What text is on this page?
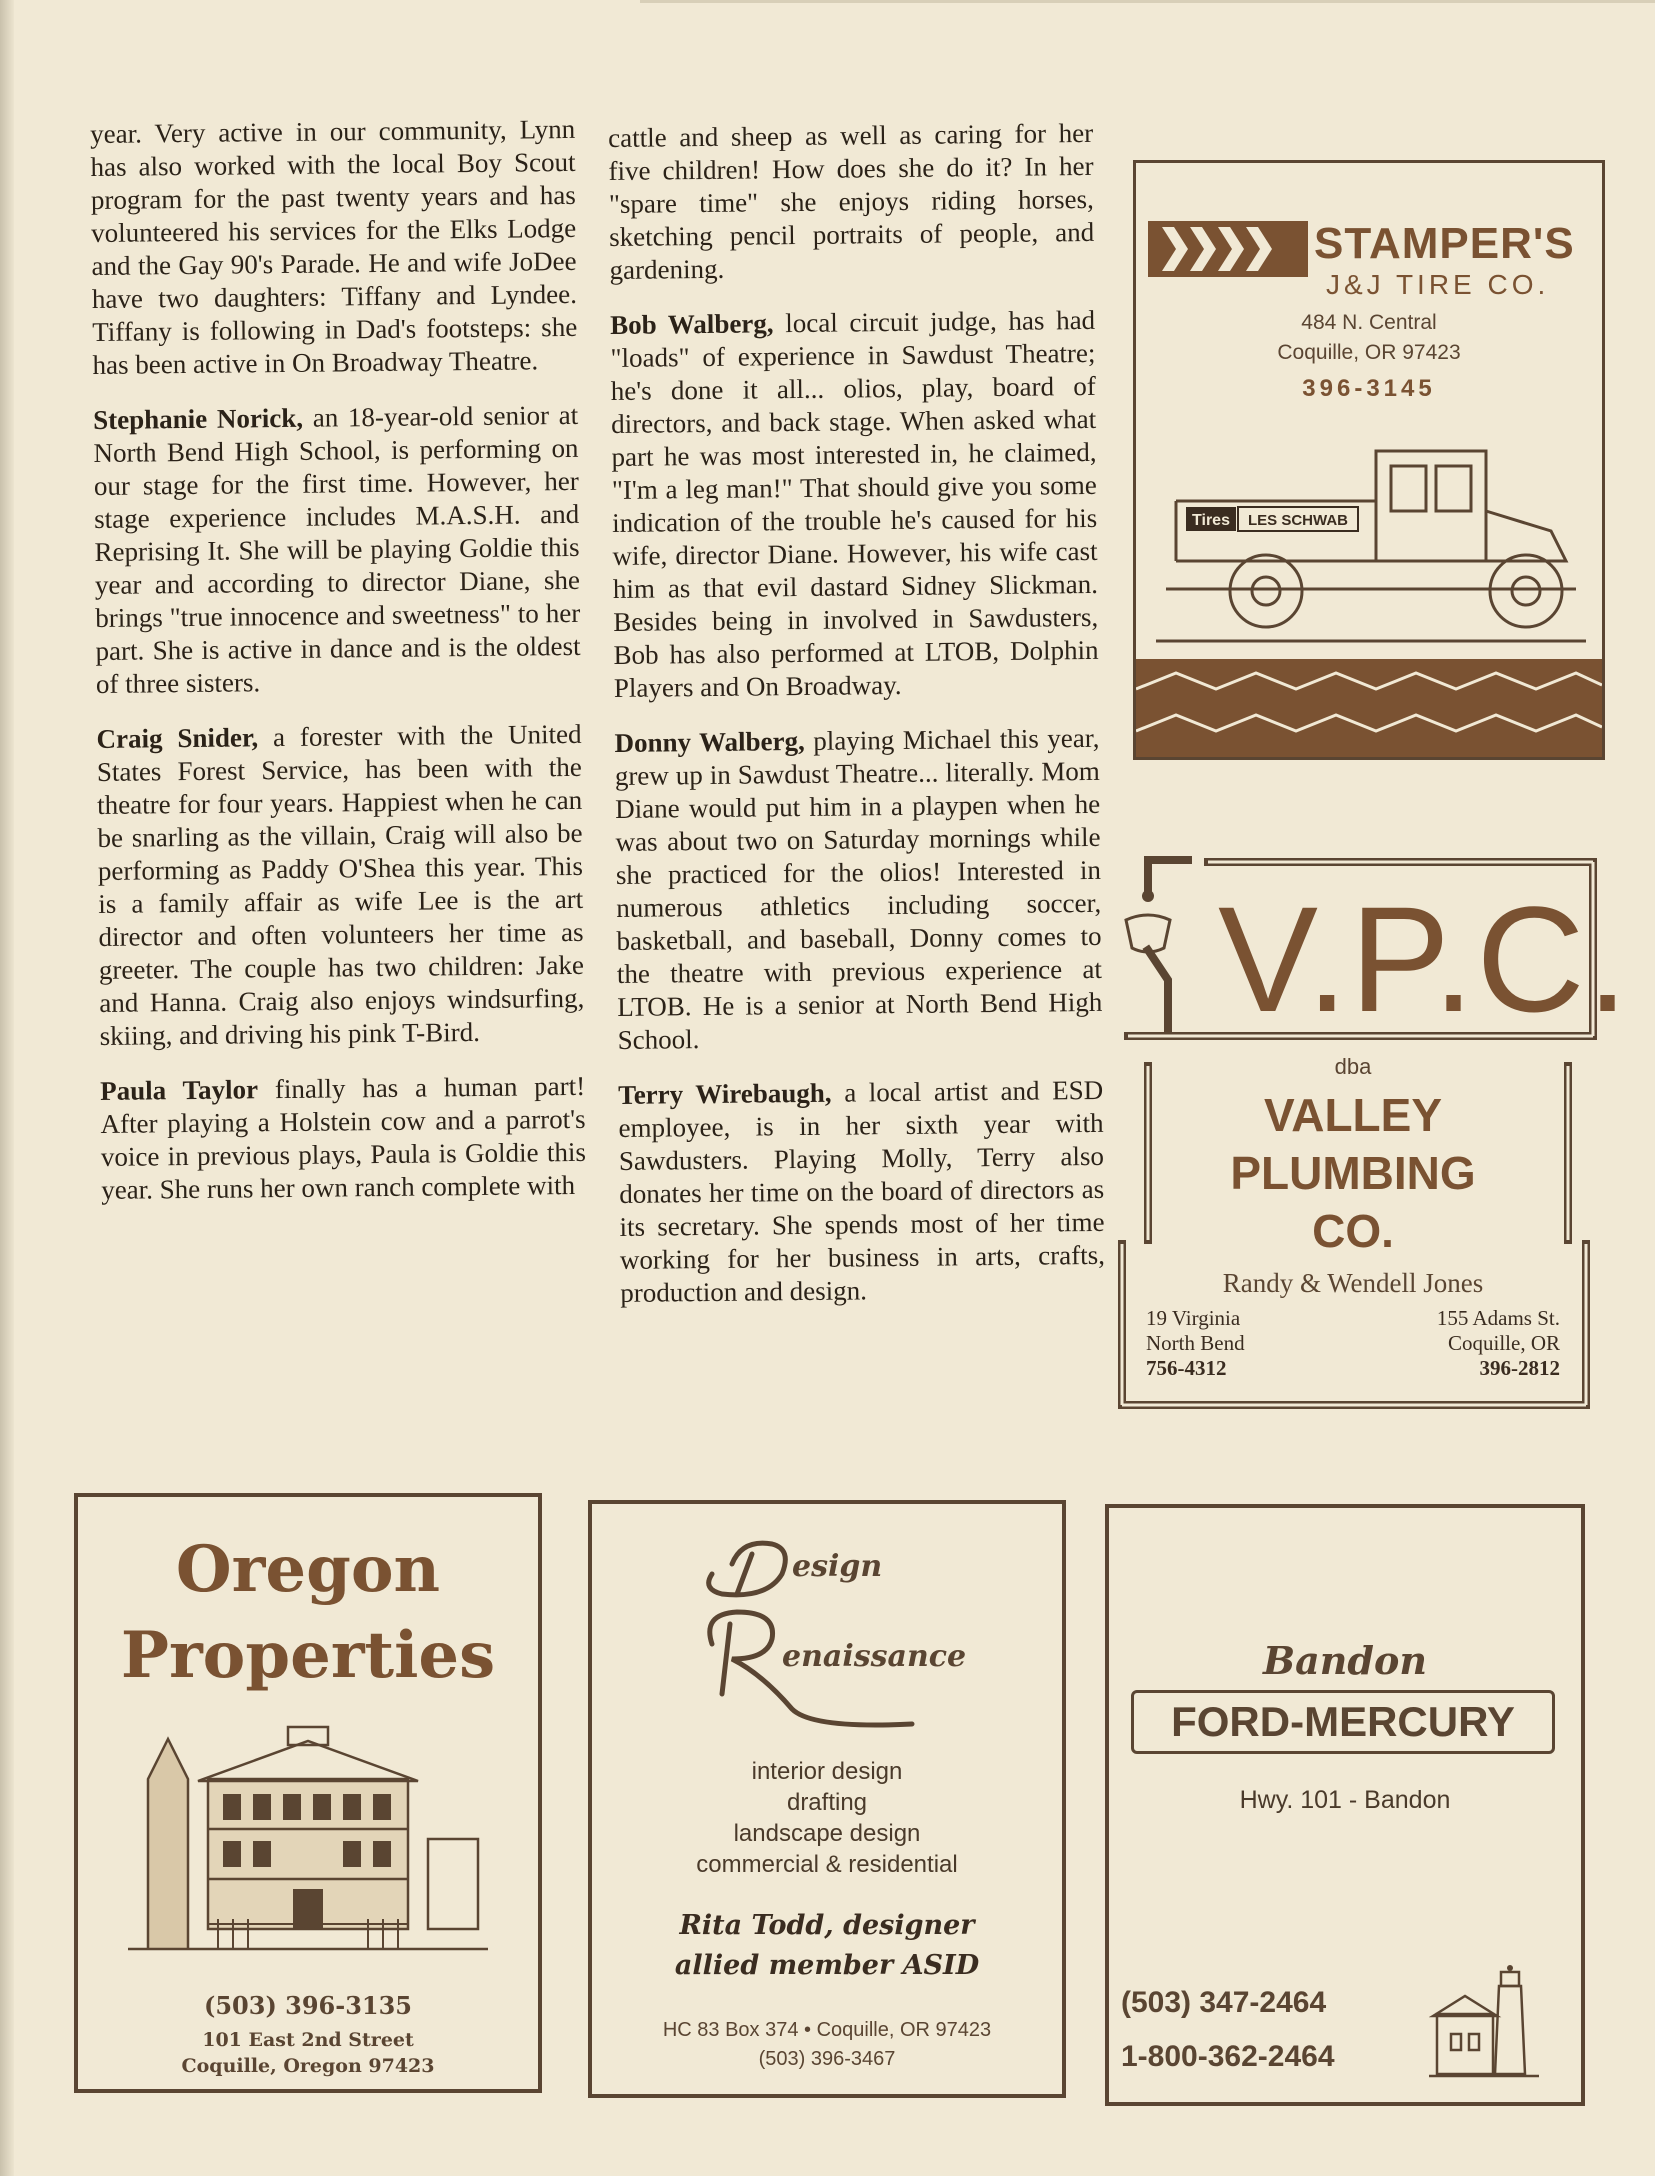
year. Very active in our community, Lynn has also worked with the local Boy Scout program for the past twenty years and has volunteered his services for the Elks Lodge and the Gay 90's Parade. He and wife JoDee have two daughters: Tiffany and Lyndee. Tiffany is following in Dad's footsteps: she has been active in On Broadway Theatre.

Stephanie Norick, an 18-year-old senior at North Bend High School, is performing on our stage for the first time. However, her stage experience includes M.A.S.H. and Reprising It. She will be playing Goldie this year and according to director Diane, she brings "true innocence and sweetness" to her part. She is active in dance and is the oldest of three sisters.

Craig Snider, a forester with the United States Forest Service, has been with the theatre for four years. Happiest when he can be snarling as the villain, Craig will also be performing as Paddy O'Shea this year. This is a family affair as wife Lee is the art director and often volunteers her time as greeter. The couple has two children: Jake and Hanna. Craig also enjoys windsurfing, skiing, and driving his pink T-Bird.

Paula Taylor finally has a human part! After playing a Holstein cow and a parrot's voice in previous plays, Paula is Goldie this year. She runs her own ranch complete with

cattle and sheep as well as caring for her five children! How does she do it? In her "spare time" she enjoys riding horses, sketching pencil portraits of people, and gardening.

Bob Walberg, local circuit judge, has had "loads" of experience in Sawdust Theatre; he's done it all... olios, play, board of directors, and back stage. When asked what part he was most interested in, he claimed, "I'm a leg man!" That should give you some indication of the trouble he's caused for his wife, director Diane. However, his wife cast him as that evil dastard Sidney Slickman. Besides being in involved in Sawdusters, Bob has also performed at LTOB, Dolphin Players and On Broadway.

Donny Walberg, playing Michael this year, grew up in Sawdust Theatre... literally. Mom Diane would put him in a playpen when he was about two on Saturday mornings while she practiced for the olios! Interested in numerous athletics including soccer, basketball, and baseball, Donny comes to the theatre with previous experience at LTOB. He is a senior at North Bend High School.

Terry Wirebaugh, a local artist and ESD employee, is in her sixth year with Sawdusters. Playing Molly, Terry also donates her time on the board of directors as its secretary. She spends most of her time working for her business in arts, crafts, production and design.

STAMPER'S
J&J TIRE CO.
484 N. Central
Coquille, OR 97423
396-3145
Tires LES SCHWAB
V.P.C.
dba
VALLEY
PLUMBING
CO.
Randy & Wendell Jones
19 Virginia
North Bend
756-4312
155 Adams St.
Coquille, OR
396-2812
Oregon
Properties
(503) 396-3135
101 East 2nd Street
Coquille, Oregon 97423
esign
enaissance
interior design
drafting
landscape design
commercial & residential
Rita Todd, designer
allied member ASID
HC 83 Box 374 • Coquille, OR 97423
(503) 396-3467
Bandon
FORD-MERCURY
Hwy. 101 - Bandon
(503) 347-2464
1-800-362-2464
